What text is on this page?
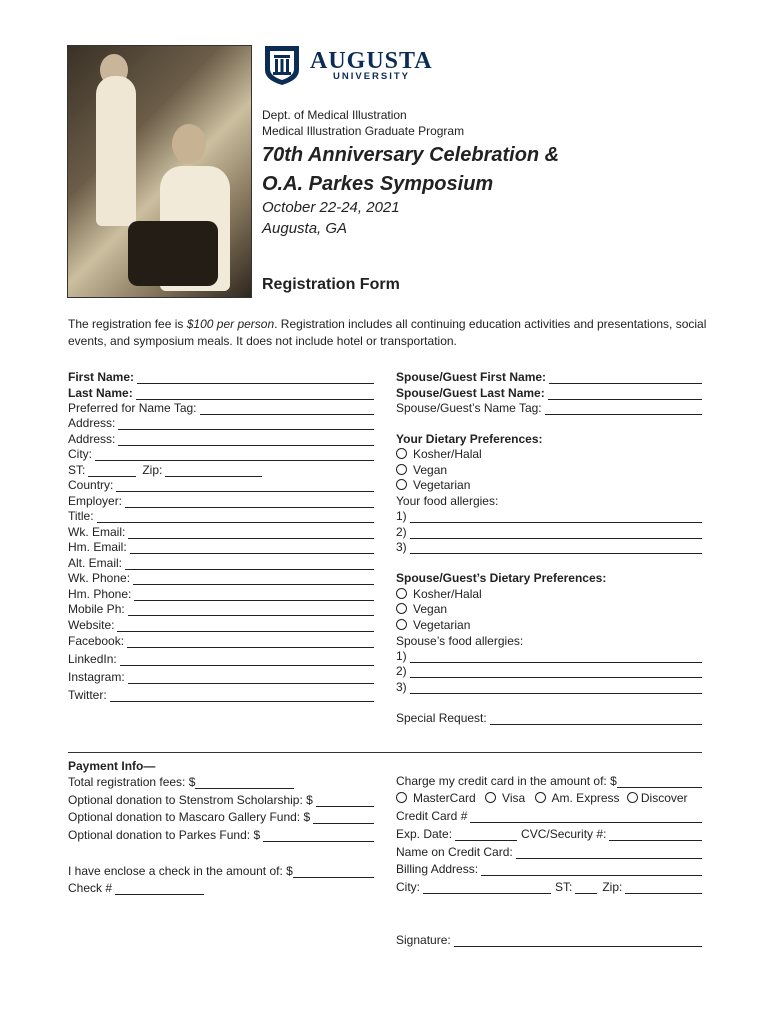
AUGUSTA
UNIVERSITY
Dept. of Medical Illustration
Medical Illustration Graduate Program
70th Anniversary Celebration &
O.A. Parkes Symposium
October 22-24, 2021
Augusta, GA
Registration Form
The registration fee is $100 per person. Registration includes all continuing education activities and presentations, social events, and symposium meals. It does not include hotel or transportation.
First Name:
Last Name:
Preferred for Name Tag:
Address:
Address:
City:
ST:	Zip:
Country:
Employer:
Title:
Wk. Email:
Hm. Email:
Alt. Email:
Wk. Phone:
Hm. Phone:
Mobile Ph:
Website:
Facebook:
LinkedIn:
Instagram:
Twitter:
Spouse/Guest First Name:
Spouse/Guest Last Name:
Spouse/Guest’s Name Tag:
Your Dietary Preferences:
Kosher/Halal
Vegan
Vegetarian
Your food allergies:
1)
2)
3)
Spouse/Guest’s Dietary Preferences:
Kosher/Halal
Vegan
Vegetarian
Spouse’s food allergies:
1)
2)
3)
Special Request:
Payment Info—
Total registration fees: $
Optional donation to Stenstrom Scholarship: $
Optional donation to Mascaro Gallery Fund: $
Optional donation to Parkes Fund: $
I have enclose a check in the amount of: $
Check #
Charge my credit card in the amount of: $
MasterCard Visa Am. Express Discover
Credit Card #
Exp. Date:	CVC/Security #:
Name on Credit Card:
Billing Address:
City:	ST:	Zip:
Signature:
